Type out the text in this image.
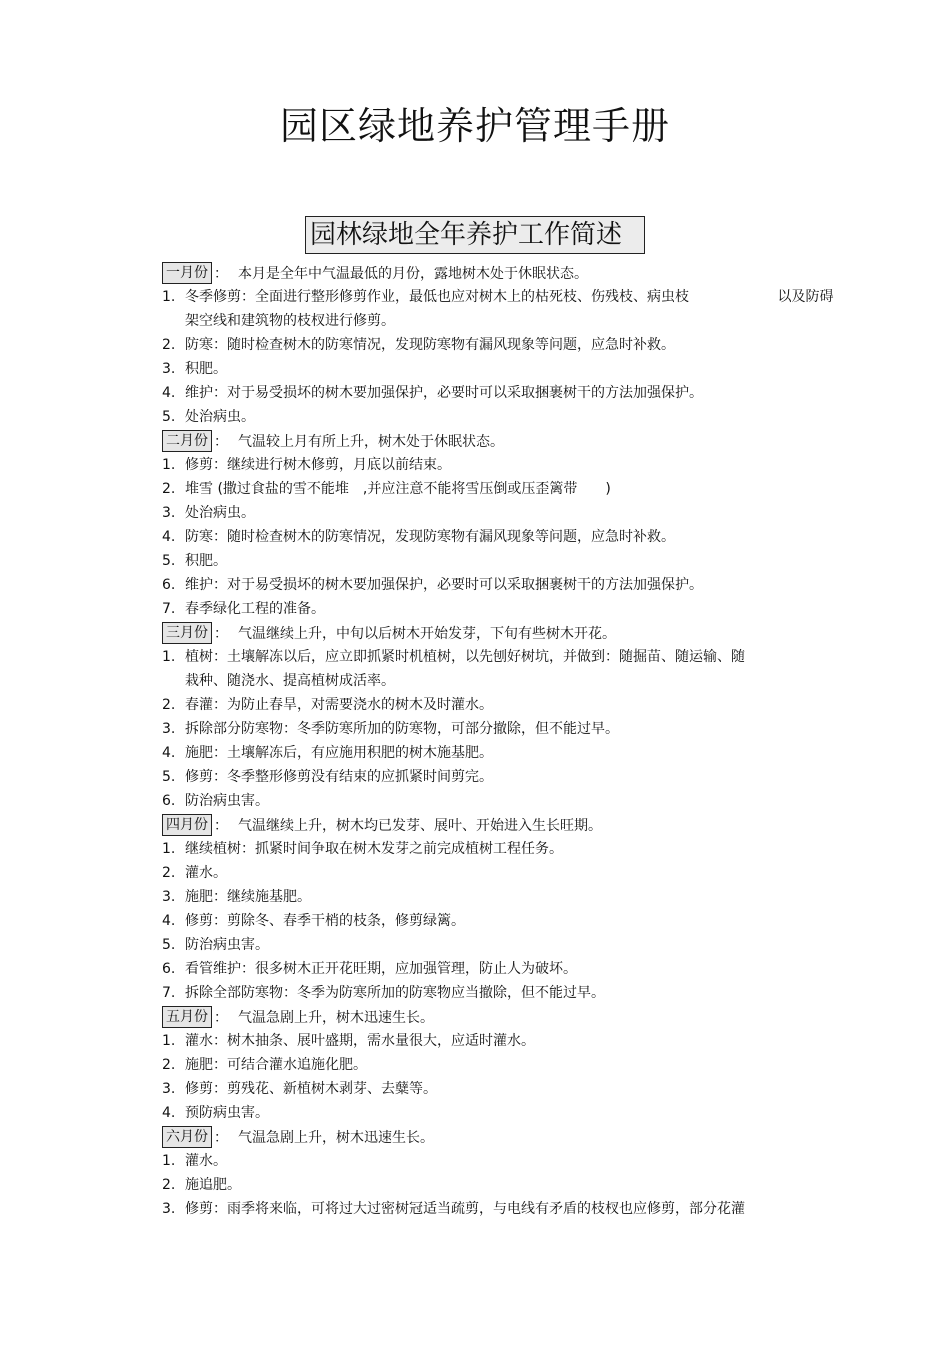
园区绿地养护管理手册
园林绿地全年养护工作简述
一月份 ： 本月是全年中气温最低的月份，露地树木处于休眠状态。
1. 冬季修剪：全面进行整形修剪作业，最低也应对树木上的枯死枝、伤残枝、病虫枝 　　　　　　以及防碍
架空线和建筑物的枝杈进行修剪。
2. 防寒：随时检查树木的防寒情况，发现防寒物有漏风现象等问题，应急时补救。
3. 积肥。
4. 维护：对于易受损坏的树木要加强保护，必要时可以采取捆裹树干的方法加强保护。
5. 处治病虫。
二月份 ： 气温较上月有所上升，树木处于休眠状态。
1. 修剪：继续进行树木修剪，月底以前结束。
2. 堆雪 (撒过食盐的雪不能堆　,并应注意不能将雪压倒或压歪篱带　　)
3. 处治病虫。
4. 防寒：随时检查树木的防寒情况，发现防寒物有漏风现象等问题，应急时补救。
5. 积肥。
6. 维护：对于易受损坏的树木要加强保护，必要时可以采取捆裹树干的方法加强保护。
7. 春季绿化工程的准备。
三月份 ： 气温继续上升，中旬以后树木开始发芽，下旬有些树木开花。
1. 植树：土壤解冻以后，应立即抓紧时机植树，以先刨好树坑，并做到：随掘苗、随运输、随
栽种、随浇水、提高植树成活率。
2. 春灌：为防止春旱，对需要浇水的树木及时灌水。
3. 拆除部分防寒物：冬季防寒所加的防寒物，可部分撤除，但不能过早。
4. 施肥：土壤解冻后，有应施用积肥的树木施基肥。
5. 修剪：冬季整形修剪没有结束的应抓紧时间剪完。
6. 防治病虫害。
四月份 ： 气温继续上升，树木均已发芽、展叶、开始进入生长旺期。
1. 继续植树：抓紧时间争取在树木发芽之前完成植树工程任务。
2. 灌水。
3. 施肥：继续施基肥。
4. 修剪：剪除冬、春季干梢的枝条，修剪绿篱。
5. 防治病虫害。
6. 看管维护：很多树木正开花旺期，应加强管理，防止人为破坏。
7. 拆除全部防寒物：冬季为防寒所加的防寒物应当撤除，但不能过早。
五月份 ： 气温急剧上升，树木迅速生长。
1. 灌水：树木抽条、展叶盛期，需水量很大，应适时灌水。
2. 施肥：可结合灌水追施化肥。
3. 修剪：剪残花、新植树木剥芽、去糵等。
4. 预防病虫害。
六月份 ： 气温急剧上升，树木迅速生长。
1. 灌水。
2. 施追肥。
3. 修剪：雨季将来临，可将过大过密树冠适当疏剪，与电线有矛盾的枝杈也应修剪，部分花灌
